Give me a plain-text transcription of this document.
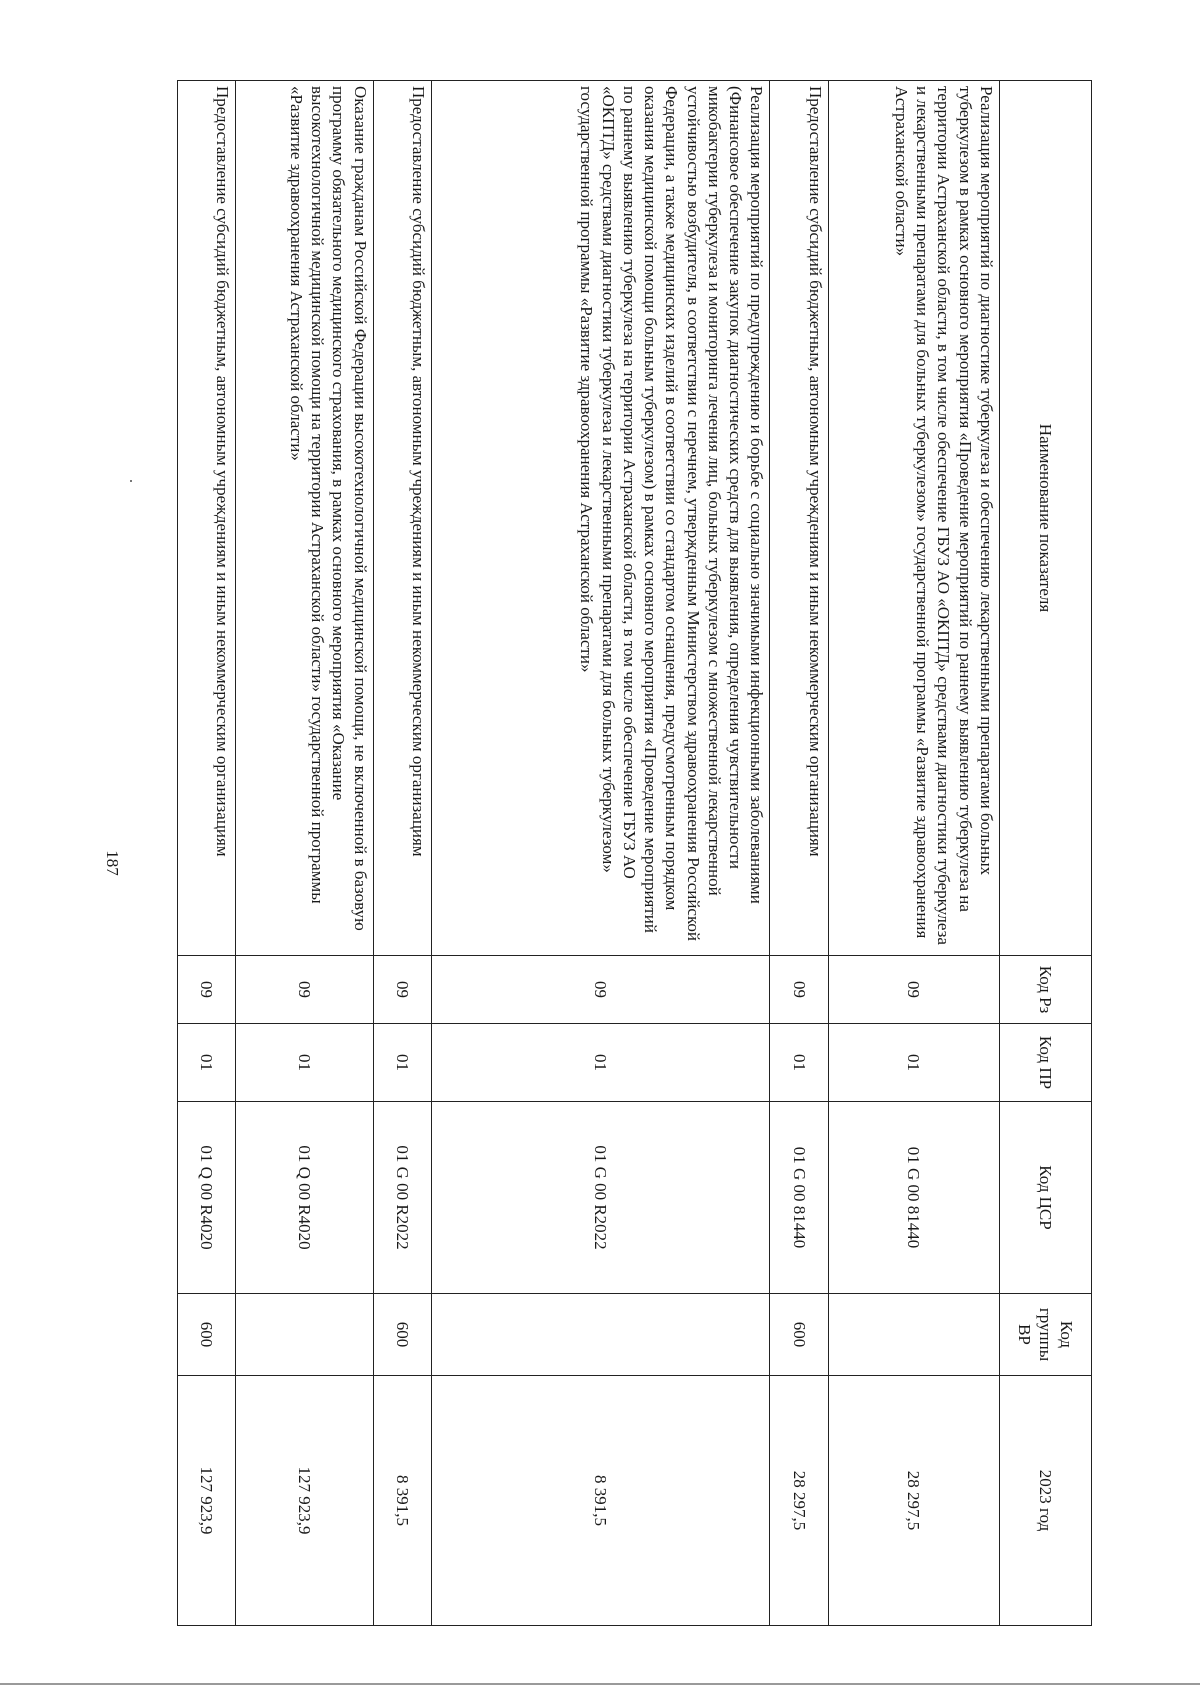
187
Наименование показателя	Код Рз	Код ПР	Код ЦСР	Код группы ВР	2023 год
Реализация мероприятий по диагностике туберкулеза и обеспечению лекарственными препаратами больных туберкулезом в рамках основного мероприятия «Проведение мероприятий по раннему выявлению туберкулеза на территории Астраханской области, в том числе обеспечение ГБУЗ АО «ОКПТД» средствами диагностики туберкулеза и лекарственными препаратами для больных туберкулезом» государственной программы «Развитие здравоохранения Астраханской области»	09	01	01 G 00 81440		28 297,5
Предоставление субсидий бюджетным, автономным учреждениям и иным некоммерческим организациям	09	01	01 G 00 81440	600	28 297,5
Реализация мероприятий по предупреждению и борьбе с социально значимыми инфекционными заболеваниями (Финансовое обеспечение закупок диагностических средств для выявления, определения чувствительности микобактерии туберкулеза и мониторинга лечения лиц, больных туберкулезом с множественной лекарственной устойчивостью возбудителя, в соответствии с перечнем, утвержденным Министерством здравоохранения Российской Федерации, а также медицинских изделий в соответствии со стандартом оснащения, предусмотренным порядком оказания медицинской помощи больным туберкулезом) в рамках основного мероприятия «Проведение мероприятий по раннему выявлению туберкулеза на территории Астраханской области, в том числе обеспечение ГБУЗ АО «ОКПТД» средствами диагностики туберкулеза и лекарственными препаратами для больных туберкулезом» государственной программы «Развитие здравоохранения Астраханской области»	09	01	01 G 00 R2022		8 391,5
Предоставление субсидий бюджетным, автономным учреждениям и иным некоммерческим организациям	09	01	01 G 00 R2022	600	8 391,5
Оказание гражданам Российской Федерации высокотехнологичной медицинской помощи, не включенной в базовую программу обязательного медицинского страхования, в рамках основного мероприятия «Оказание высокотехнологичной медицинской помощи на территории Астраханской области» государственной программы «Развитие здравоохранения Астраханской области»	09	01	01 Q 00 R4020		127 923,9
Предоставление субсидий бюджетным, автономным учреждениям и иным некоммерческим организациям	09	01	01 Q 00 R4020	600	127 923,9
